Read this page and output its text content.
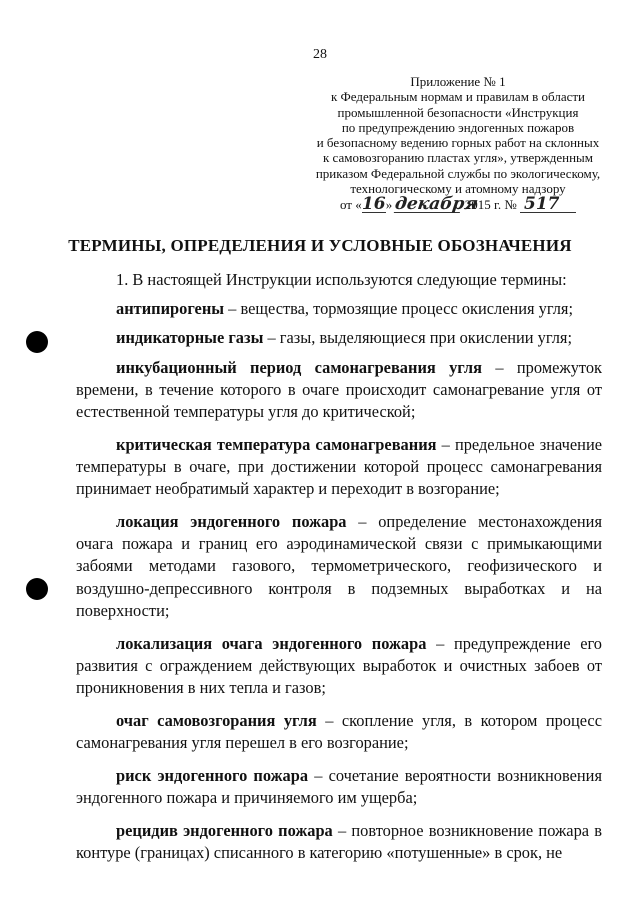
28
Приложение № 1
к Федеральным нормам и правилам в области
промышленной безопасности «Инструкция
по предупреждению эндогенных пожаров
и безопасному ведению горных работ на склонных
к самовозгоранию пластах угля», утвержденным
приказом Федеральной службы по экологическому,
технологическому и атомному надзору
от «16» декабря 2015 г. № 517
ТЕРМИНЫ, ОПРЕДЕЛЕНИЯ И УСЛОВНЫЕ ОБОЗНАЧЕНИЯ

1. В настоящей Инструкции используются следующие термины:

антипирогены – вещества, тормозящие процесс окисления угля;

индикаторные газы – газы, выделяющиеся при окислении угля;

инкубационный период самонагревания угля – промежуток времени, в течение которого в очаге происходит самонагревание угля от естественной температуры угля до критической;

критическая температура самонагревания – предельное значение температуры в очаге, при достижении которой процесс самонагревания принимает необратимый характер и переходит в возгорание;

локация эндогенного пожара – определение местонахождения очага пожара и границ его аэродинамической связи с примыкающими забоями методами газового, термометрического, геофизического и воздушно-депрессивного контроля в подземных выработках и на поверхности;

локализация очага эндогенного пожара – предупреждение его развития с ограждением действующих выработок и очистных забоев от проникновения в них тепла и газов;

очаг самовозгорания угля – скопление угля, в котором процесс самонагревания угля перешел в его возгорание;

риск эндогенного пожара – сочетание вероятности возникновения эндогенного пожара и причиняемого им ущерба;

рецидив эндогенного пожара – повторное возникновение пожара в контуре (границах) списанного в категорию «потушенные» в срок, не
